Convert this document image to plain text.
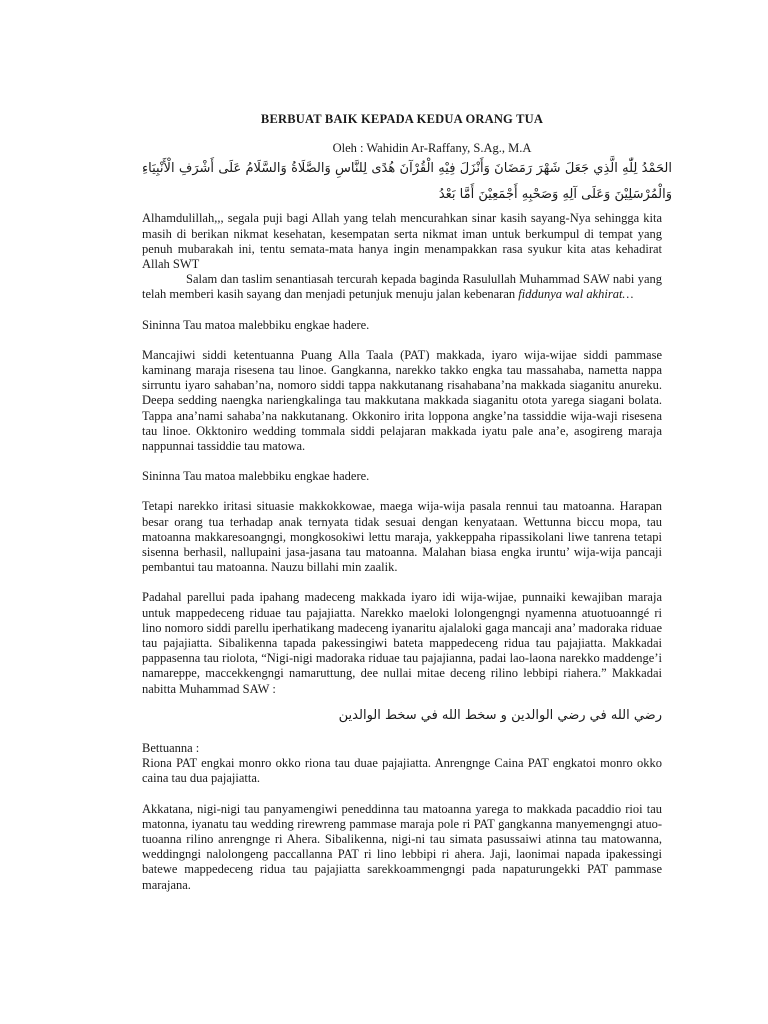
BERBUAT BAIK KEPADA KEDUA ORANG TUA
Oleh : Wahidin Ar-Raffany, S.Ag., M.A
الحَمْدُ لِلّٰهِ الَّذِي جَعَلَ شَهْرَ رَمَضَانَ وَأَنْزَلَ فِيْهِ الْقُرْآنَ هُدًى لِلنَّاسِ وَالصَّلَاةُ وَالسَّلَامُ عَلَى أَشْرَفِ الْأَنْبِيَاءِ وَالْمُرْسَلِيْنَ وَعَلَى آلِهِ وَصَحْبِهِ أَجْمَعِيْنَ أَمَّا بَعْدُ

Alhamdulillah,,, segala puji bagi Allah yang telah mencurahkan sinar kasih sayang-Nya sehingga kita masih di berikan nikmat kesehatan, kesempatan serta nikmat iman untuk berkumpul di tempat yang penuh mubarakah ini, tentu semata-mata hanya ingin menampakkan rasa syukur kita atas kehadirat Allah SWT

Salam dan taslim senantiasah tercurah kepada baginda Rasulullah Muhammad SAW nabi yang telah memberi kasih sayang dan menjadi petunjuk menuju jalan kebenaran fiddunya wal akhirat…

Sininna Tau matoa malebbiku engkae hadere.

Mancajiwi siddi ketentuanna Puang Alla Taala (PAT) makkada, iyaro wija-wijae siddi pammase kaminang maraja risesena tau linoe. Gangkanna, narekko takko engka tau massahaba, nametta nappa sirruntu iyaro sahaban’na, nomoro siddi tappa nakkutanang risahabana’na makkada siaganitu anureku. Deepa sedding naengka nariengkalinga tau makkutana makkada siaganitu otota yarega siagani bolata. Tappa ana’nami sahaba’na nakkutanang. Okkoniro irita loppona angke’na tassiddie wija-waji risesena tau linoe. Okktoniro wedding tommala siddi pelajaran makkada iyatu pale ana’e, asogireng maraja nappunnai tassiddie tau matowa.

Sininna Tau matoa malebbiku engkae hadere.

Tetapi narekko iritasi situasie makkokkowae, maega wija-wija pasala rennui tau matoanna. Harapan besar orang tua terhadap anak ternyata tidak sesuai dengan kenyataan. Wettunna biccu mopa, tau matoanna makkaresoangngi, mongkosokiwi lettu maraja, yakkeppaha ripassikolani liwe tanrena tetapi sisenna berhasil, nallupaini jasa-jasana tau matoanna. Malahan biasa engka iruntu’ wija-wija pancaji pembantui tau matoanna. Nauzu billahi min zaalik.

Padahal parellui pada ipahang madeceng makkada iyaro idi wija-wijae, punnaiki kewajiban maraja untuk mappedeceng riduae tau pajajiatta. Narekko maeloki lolongengngi nyamenna atuotuoanngé ri lino nomoro siddi parellu iperhatikang madeceng iyanaritu ajalaloki gaga mancaji ana’ madoraka riduae tau pajajiatta. Sibalikenna tapada pakessingiwi bateta mappedeceng ridua tau pajajiatta. Makkadai pappasenna tau riolota, “Nigi-nigi madoraka riduae tau pajajianna, padai lao-laona narekko maddenge’i namareppe, maccekkengngi namaruttung, dee nullai mitae deceng rilino lebbipi riahera.” Makkadai nabitta Muhammad SAW :

رضي الله في رضي الوالدين و سخط الله في سخط الوالدين

Bettuanna :

Riona PAT engkai monro okko riona tau duae pajajiatta. Anrengnge Caina PAT engkatoi monro okko caina tau dua pajajiatta.

Akkatana, nigi-nigi tau panyamengiwi peneddinna tau matoanna yarega to makkada pacaddio rioi tau matonna, iyanatu tau wedding rirewreng pammase maraja pole ri PAT gangkanna manyemengngi atuo-tuoanna rilino anrengnge ri Ahera. Sibalikenna, nigi-ni tau simata pasussaiwi atinna tau matowanna, weddingngi nalolongeng paccallanna PAT ri lino lebbipi ri ahera. Jaji, laonimai napada ipakessingi batewe mappedeceng ridua tau pajajiatta sarekkoammengngi pada napaturungekki PAT pammase marajana.
